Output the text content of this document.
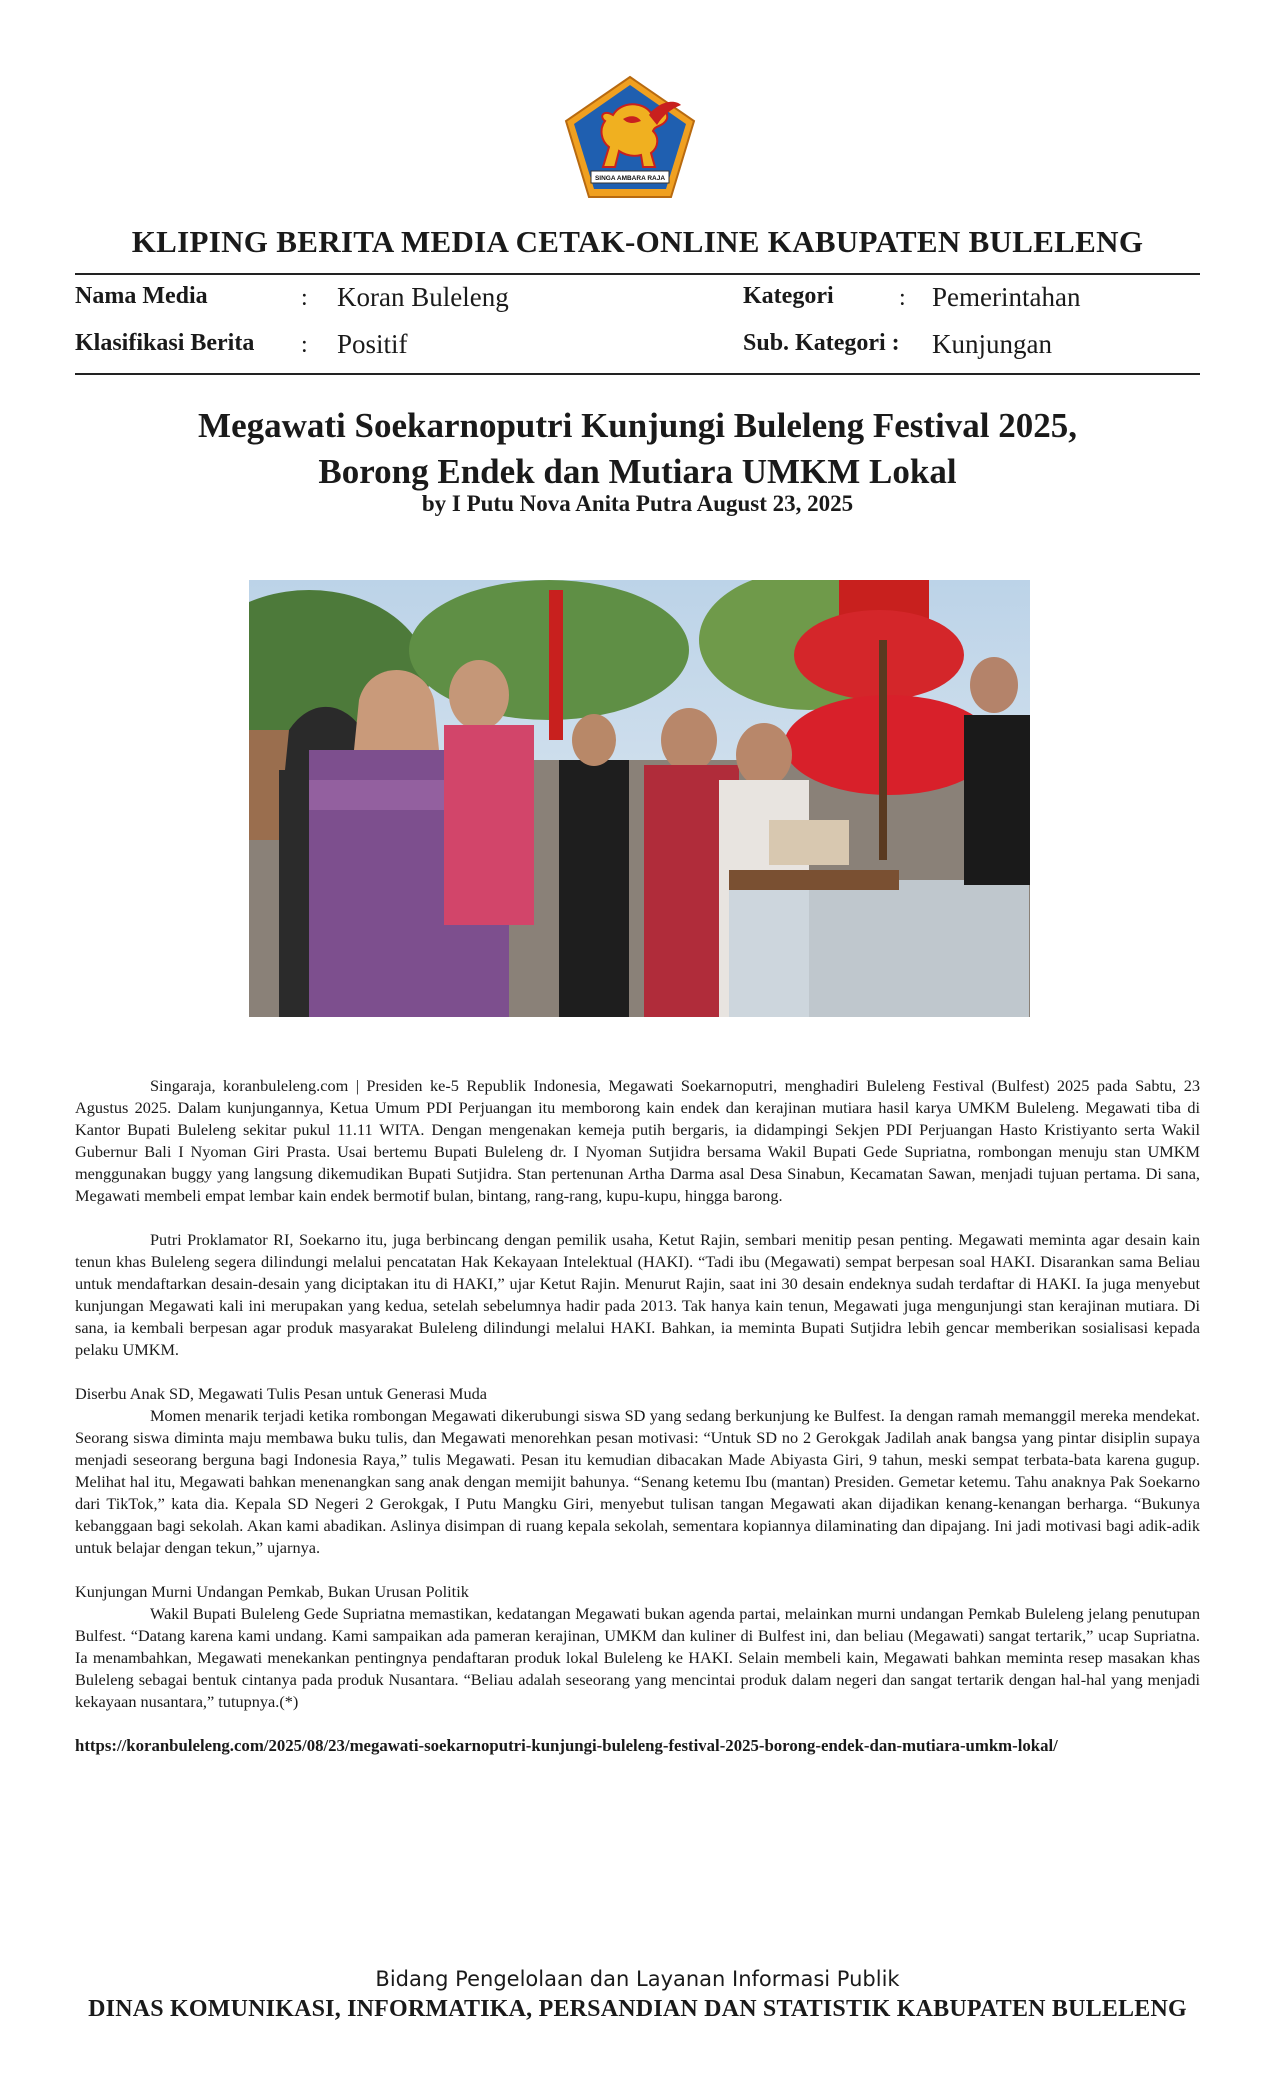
SINGA AMBARA RAJA
KLIPING BERITA MEDIA CETAK-ONLINE KABUPATEN BULELENG
Nama Media	: Koran Buleleng	Kategori	: Pemerintahan
Klasifikasi Berita : Positif	Sub. Kategori : Kunjungan
Megawati Soekarnoputri Kunjungi Buleleng Festival 2025,
Borong Endek dan Mutiara UMKM Lokal
by I Putu Nova Anita Putra August 23, 2025

Singaraja, koranbuleleng.com | Presiden ke-5 Republik Indonesia, Megawati Soekarnoputri, menghadiri Buleleng Festival (Bulfest) 2025 pada Sabtu, 23 Agustus 2025. Dalam kunjungannya, Ketua Umum PDI Perjuangan itu memborong kain endek dan kerajinan mutiara hasil karya UMKM Buleleng. Megawati tiba di Kantor Bupati Buleleng sekitar pukul 11.11 WITA. Dengan mengenakan kemeja putih bergaris, ia didampingi Sekjen PDI Perjuangan Hasto Kristiyanto serta Wakil Gubernur Bali I Nyoman Giri Prasta. Usai bertemu Bupati Buleleng dr. I Nyoman Sutjidra bersama Wakil Bupati Gede Supriatna, rombongan menuju stan UMKM menggunakan buggy yang langsung dikemudikan Bupati Sutjidra. Stan pertenunan Artha Darma asal Desa Sinabun, Kecamatan Sawan, menjadi tujuan pertama. Di sana, Megawati membeli empat lembar kain endek bermotif bulan, bintang, rang-rang, kupu-kupu, hingga barong.

Putri Proklamator RI, Soekarno itu, juga berbincang dengan pemilik usaha, Ketut Rajin, sembari menitip pesan penting. Megawati meminta agar desain kain tenun khas Buleleng segera dilindungi melalui pencatatan Hak Kekayaan Intelektual (HAKI). “Tadi ibu (Megawati) sempat berpesan soal HAKI. Disarankan sama Beliau untuk mendaftarkan desain-desain yang diciptakan itu di HAKI,” ujar Ketut Rajin. Menurut Rajin, saat ini 30 desain endeknya sudah terdaftar di HAKI. Ia juga menyebut kunjungan Megawati kali ini merupakan yang kedua, setelah sebelumnya hadir pada 2013. Tak hanya kain tenun, Megawati juga mengunjungi stan kerajinan mutiara. Di sana, ia kembali berpesan agar produk masyarakat Buleleng dilindungi melalui HAKI. Bahkan, ia meminta Bupati Sutjidra lebih gencar memberikan sosialisasi kepada pelaku UMKM.

Diserbu Anak SD, Megawati Tulis Pesan untuk Generasi Muda

Momen menarik terjadi ketika rombongan Megawati dikerubungi siswa SD yang sedang berkunjung ke Bulfest. Ia dengan ramah memanggil mereka mendekat. Seorang siswa diminta maju membawa buku tulis, dan Megawati menorehkan pesan motivasi: “Untuk SD no 2 Gerokgak Jadilah anak bangsa yang pintar disiplin supaya menjadi seseorang berguna bagi Indonesia Raya,” tulis Megawati. Pesan itu kemudian dibacakan Made Abiyasta Giri, 9 tahun, meski sempat terbata-bata karena gugup. Melihat hal itu, Megawati bahkan menenangkan sang anak dengan memijit bahunya. “Senang ketemu Ibu (mantan) Presiden. Gemetar ketemu. Tahu anaknya Pak Soekarno dari TikTok,” kata dia. Kepala SD Negeri 2 Gerokgak, I Putu Mangku Giri, menyebut tulisan tangan Megawati akan dijadikan kenang-kenangan berharga. “Bukunya kebanggaan bagi sekolah. Akan kami abadikan. Aslinya disimpan di ruang kepala sekolah, sementara kopiannya dilaminating dan dipajang. Ini jadi motivasi bagi adik-adik untuk belajar dengan tekun,” ujarnya.

Kunjungan Murni Undangan Pemkab, Bukan Urusan Politik

Wakil Bupati Buleleng Gede Supriatna memastikan, kedatangan Megawati bukan agenda partai, melainkan murni undangan Pemkab Buleleng jelang penutupan Bulfest. “Datang karena kami undang. Kami sampaikan ada pameran kerajinan, UMKM dan kuliner di Bulfest ini, dan beliau (Megawati) sangat tertarik,” ucap Supriatna. Ia menambahkan, Megawati menekankan pentingnya pendaftaran produk lokal Buleleng ke HAKI. Selain membeli kain, Megawati bahkan meminta resep masakan khas Buleleng sebagai bentuk cintanya pada produk Nusantara. “Beliau adalah seseorang yang mencintai produk dalam negeri dan sangat tertarik dengan hal-hal yang menjadi kekayaan nusantara,” tutupnya.(*)

https://koranbuleleng.com/2025/08/23/megawati-soekarnoputri-kunjungi-buleleng-festival-2025-borong-endek-dan-mutiara-umkm-lokal/

Bidang Pengelolaan dan Layanan Informasi Publik
DINAS KOMUNIKASI, INFORMATIKA, PERSANDIAN DAN STATISTIK KABUPATEN BULELENG
